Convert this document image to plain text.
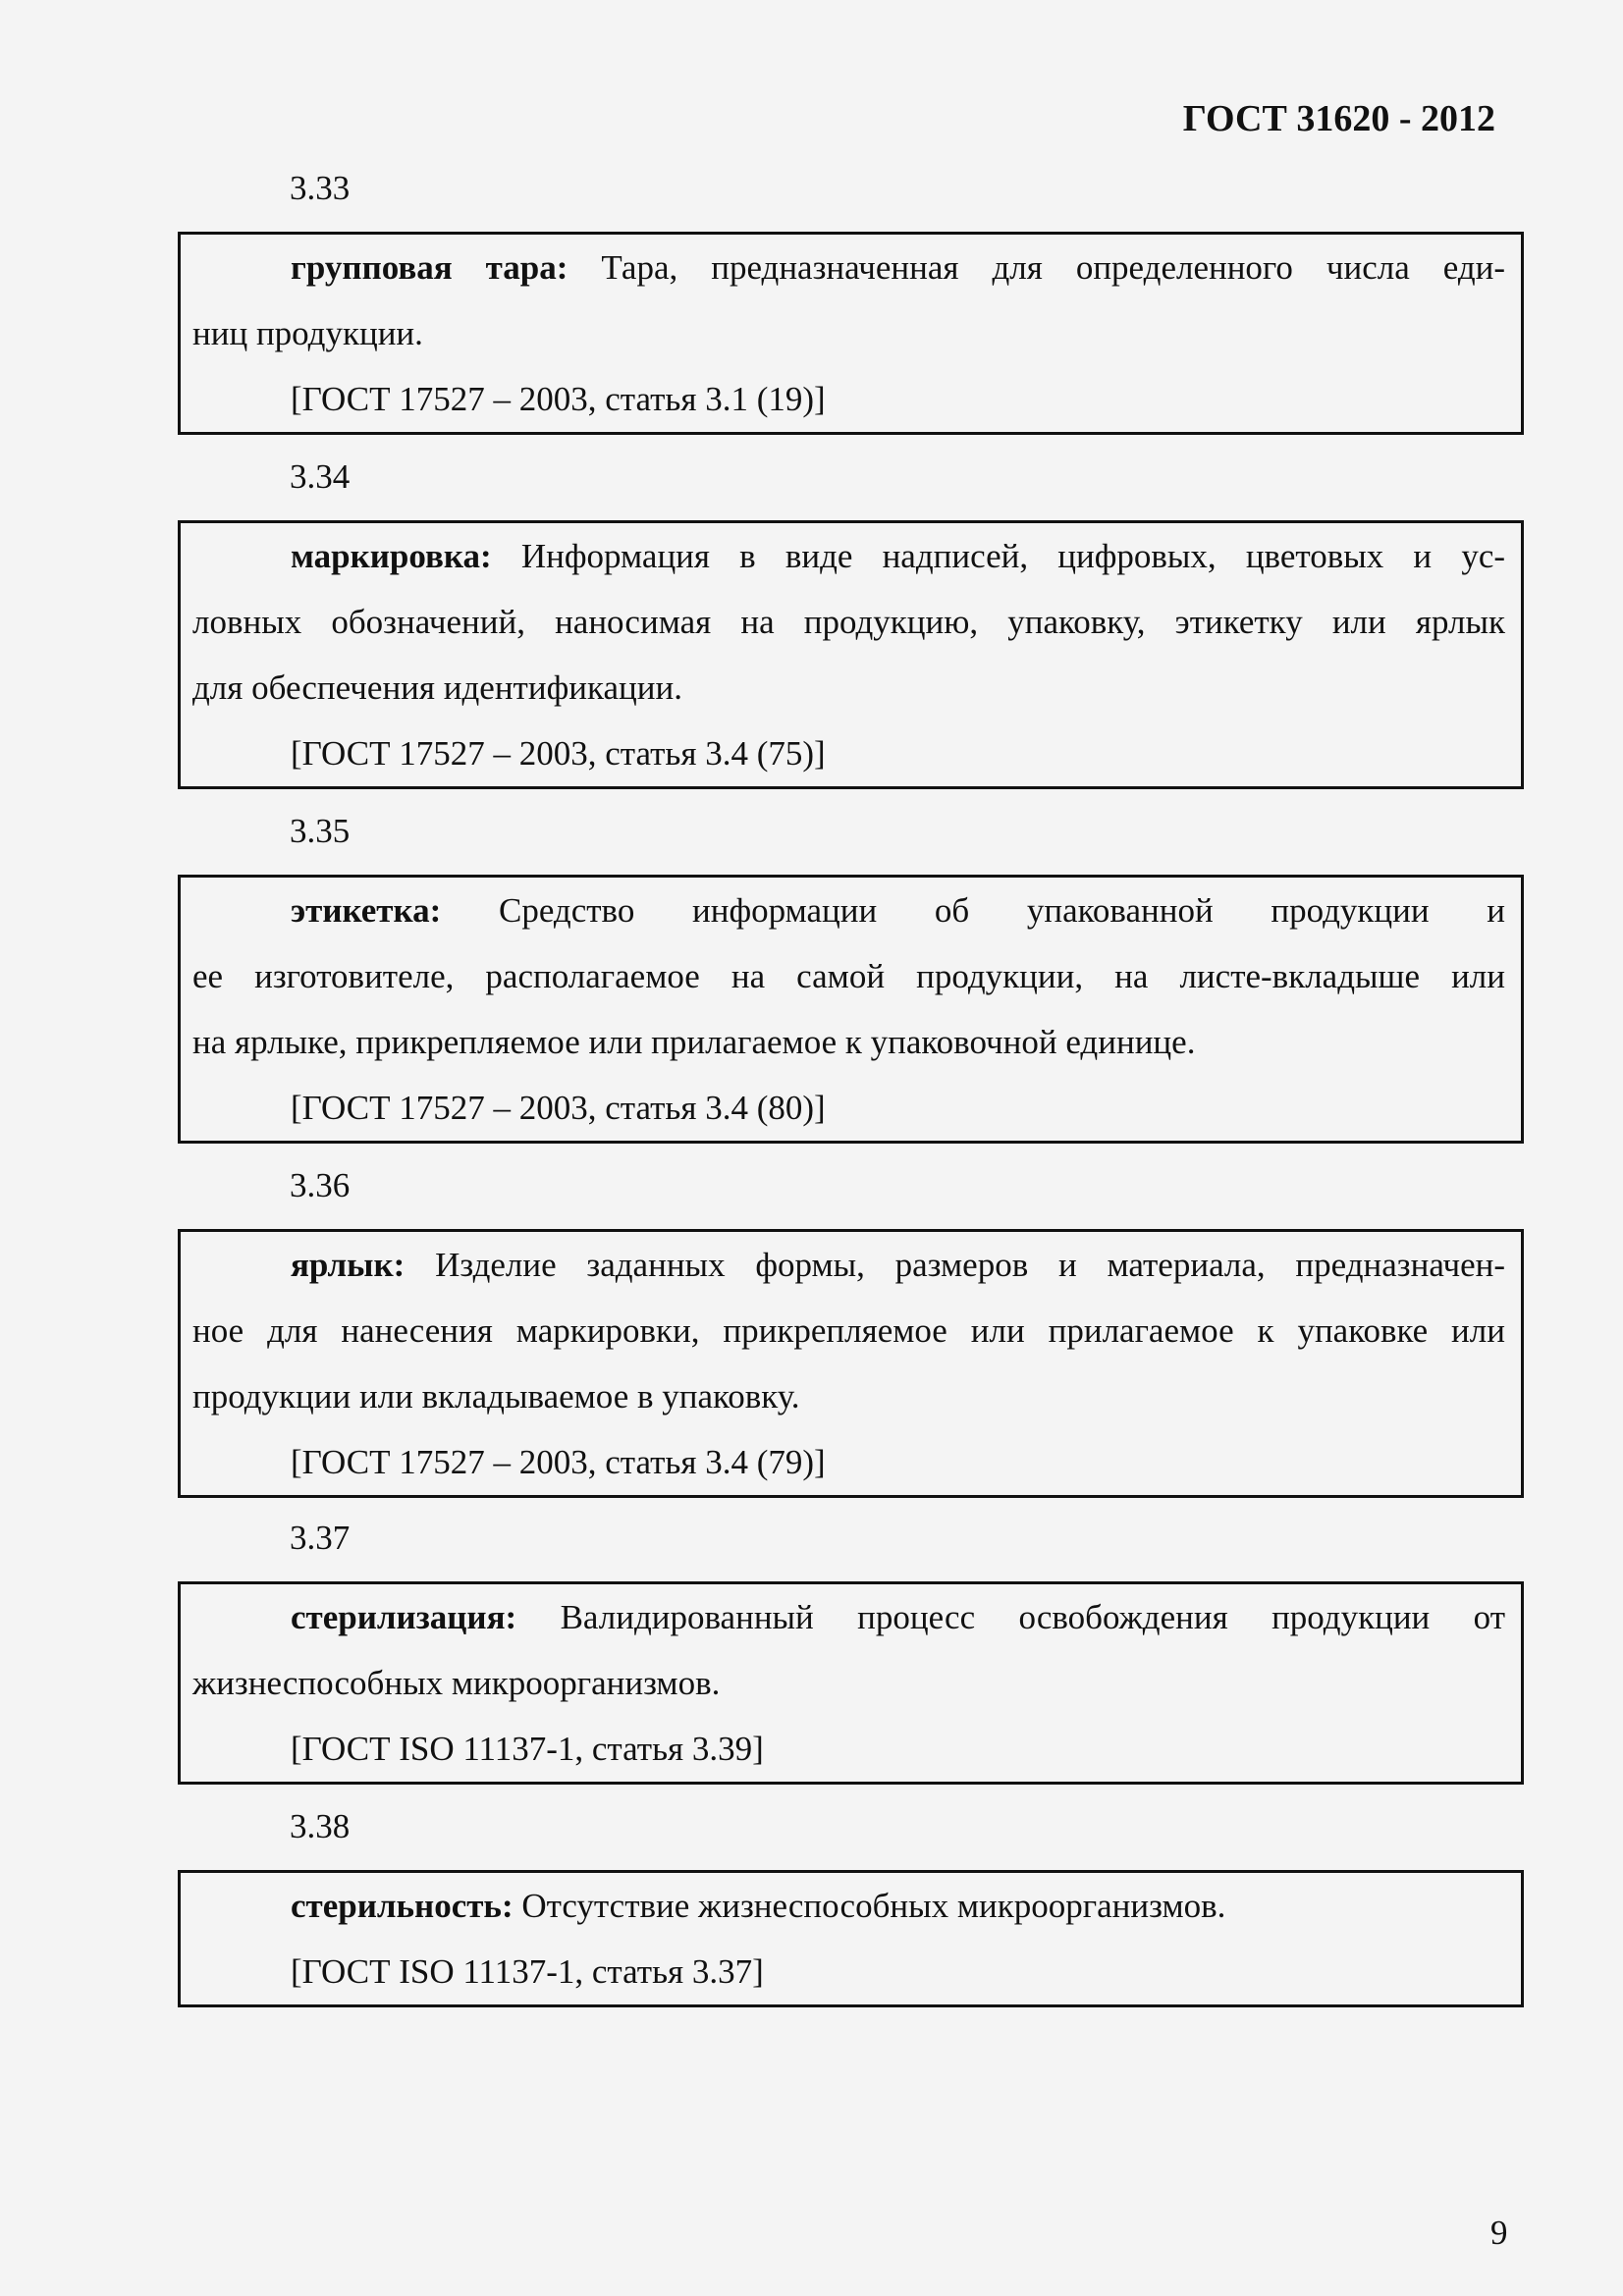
ГОСТ 31620 - 2012
3.33
групповая тара: Тара, предназначенная для определенного числа еди-
ниц продукции.
[ГОСТ 17527 – 2003, статья 3.1 (19)]
3.34
маркировка: Информация в виде надписей, цифровых, цветовых и ус-
ловных обозначений, наносимая на продукцию, упаковку, этикетку или ярлык
для обеспечения идентификации.
[ГОСТ 17527 – 2003, статья 3.4 (75)]
3.35
этикетка: Средство информации об упакованной продукции и
ее изготовителе, располагаемое на самой продукции, на листе-вкладыше или
на ярлыке, прикрепляемое или прилагаемое к упаковочной единице.
[ГОСТ 17527 – 2003, статья 3.4 (80)]
3.36
ярлык: Изделие заданных формы, размеров и материала, предназначен-
ное для нанесения маркировки, прикрепляемое или прилагаемое к упаковке или
продукции или вкладываемое в упаковку.
[ГОСТ 17527 – 2003, статья 3.4 (79)]
3.37
стерилизация: Валидированный процесс освобождения продукции от
жизнеспособных микроорганизмов.
[ГОСТ ISO 11137-1, статья 3.39]
3.38
стерильность: Отсутствие жизнеспособных микроорганизмов.
[ГОСТ ISO 11137-1, статья 3.37]
9
